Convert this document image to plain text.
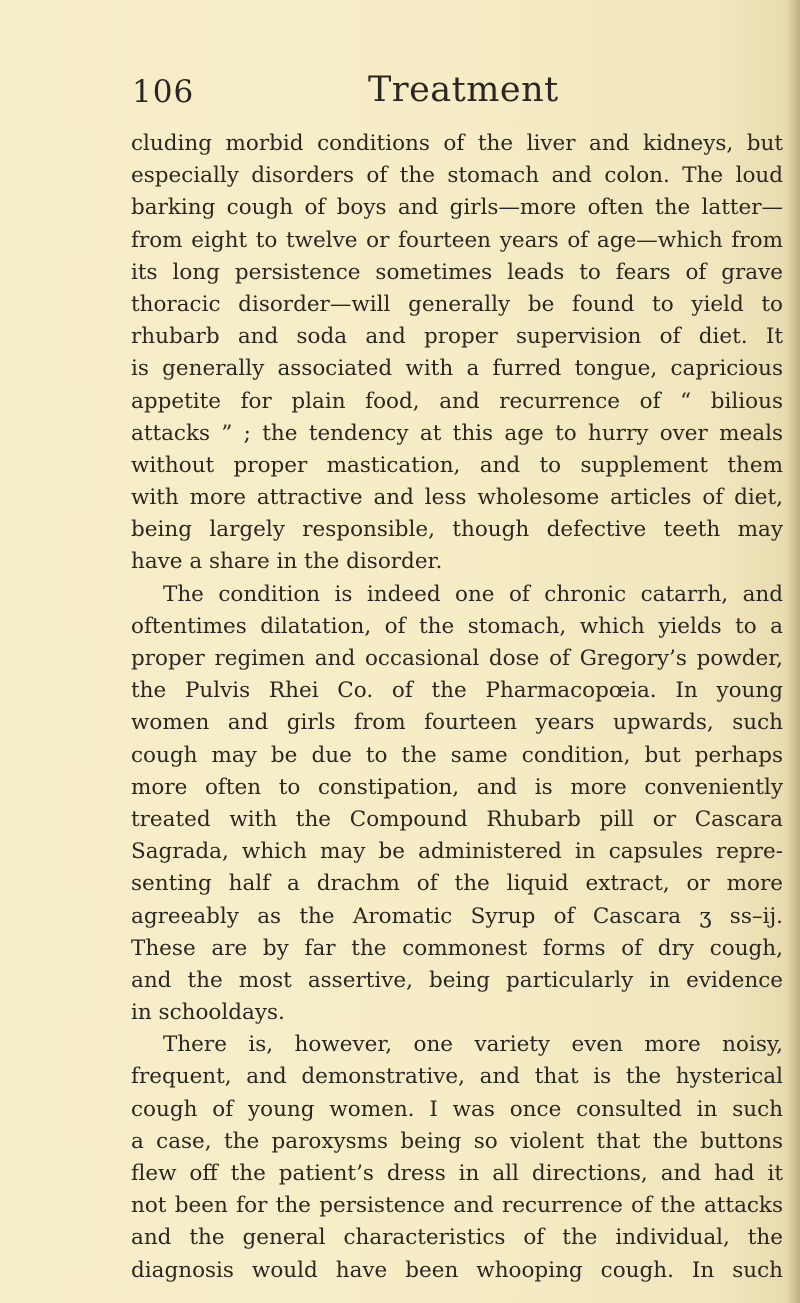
106	Treatment
cluding morbid conditions of the liver and kidneys, but
especially disorders of the stomach and colon. The loud
barking cough of boys and girls—more often the latter—
from eight to twelve or fourteen years of age—which from
its long persistence sometimes leads to fears of grave
thoracic disorder—will generally be found to yield to
rhubarb and soda and proper supervision of diet. It
is generally associated with a furred tongue, capricious
appetite for plain food, and recurrence of “ bilious
attacks ” ; the tendency at this age to hurry over meals
without proper mastication, and to supplement them
with more attractive and less wholesome articles of diet,
being largely responsible, though defective teeth may
have a share in the disorder.
The condition is indeed one of chronic catarrh, and
oftentimes dilatation, of the stomach, which yields to a
proper regimen and occasional dose of Gregory’s powder,
the Pulvis Rhei Co. of the Pharmacopœia. In young
women and girls from fourteen years upwards, such
cough may be due to the same condition, but perhaps
more often to constipation, and is more conveniently
treated with the Compound Rhubarb pill or Cascara
Sagrada, which may be administered in capsules repre-
senting half a drachm of the liquid extract, or more
agreeably as the Aromatic Syrup of Cascara ʒ ss–ij.
These are by far the commonest forms of dry cough,
and the most assertive, being particularly in evidence
in schooldays.
There is, however, one variety even more noisy,
frequent, and demonstrative, and that is the hysterical
cough of young women. I was once consulted in such
a case, the paroxysms being so violent that the buttons
flew off the patient’s dress in all directions, and had it
not been for the persistence and recurrence of the attacks
and the general characteristics of the individual, the
diagnosis would have been whooping cough. In such
